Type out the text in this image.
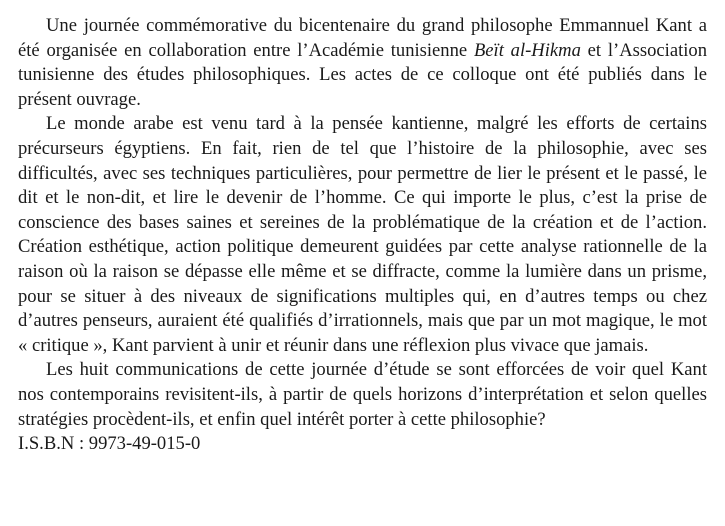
Une journée commémorative du bicentenaire du grand philosophe Emmannuel Kant a été organisée en collaboration entre l’Académie tunisienne Beït al-Hikma et l’Association tunisienne des études philosophiques. Les actes de ce colloque ont été publiés dans le présent ouvrage.

Le monde arabe est venu tard à la pensée kantienne, malgré les efforts de certains précurseurs égyptiens. En fait, rien de tel que l’histoire de la philosophie, avec ses difficultés, avec ses techniques particulières, pour permettre de lier le présent et le passé, le dit et le non-dit, et lire le devenir de l’homme. Ce qui importe le plus, c’est la prise de conscience des bases saines et sereines de la problématique de la création et de l’action. Création esthétique, action politique demeurent guidées par cette analyse rationnelle de la raison où la raison se dépasse elle même et se diffracte, comme la lumière dans un prisme, pour se situer à des niveaux de significations multiples qui, en d’autres temps ou chez d’autres penseurs, auraient été qualifiés d’irrationnels, mais que par un mot magique, le mot « critique », Kant parvient à unir et réunir dans une réflexion plus vivace que jamais.

Les huit communications de cette journée d’étude se sont efforcées de voir quel Kant nos contemporains revisitent-ils, à partir de quels horizons d’interprétation et selon quelles stratégies procèdent-ils, et enfin quel intérêt porter à cette philosophie?

I.S.B.N : 9973-49-015-0
